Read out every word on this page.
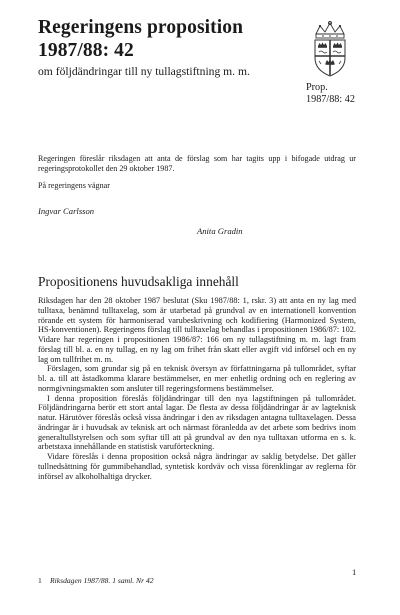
Regeringens proposition
1987/88: 42
om följdändringar till ny tullagstiftning m. m.
Prop.
1987/88: 42
Regeringen föreslår riksdagen att anta de förslag som har tagits upp i bifogade utdrag ur regeringsprotokollet den 29 oktober 1987.
På regeringens vägnar
Ingvar Carlsson
Anita Gradin
Propositionens huvudsakliga innehåll

Riksdagen har den 28 oktober 1987 beslutat (Sku 1987/88: 1, rskr. 3) att anta en ny lag med tulltaxa, benämnd tulltaxelag, som är utarbetad på grundval av en internationell konvention rörande ett system för harmoniserad varubeskrivning och kodifiering (Harmonized System, HS-konventionen). Regeringens förslag till tulltaxelag behandlas i propositionen 1986/87: 102. Vidare har regeringen i propositionen 1986/87: 166 om ny tullagstiftning m. m. lagt fram förslag till bl. a. en ny tullag, en ny lag om frihet från skatt eller avgift vid införsel och en ny lag om tullfrihet m. m.

Förslagen, som grundar sig på en teknisk översyn av författningarna på tullområdet, syftar bl. a. till att åstadkomma klarare bestämmelser, en mer enhetlig ordning och en reglering av normgivningsmakten som ansluter till regeringsformens bestämmelser.

I denna proposition föreslås följdändringar till den nya lagstiftningen på tullområdet. Följdändringarna berör ett stort antal lagar. De flesta av dessa följdändringar är av lagteknisk natur. Härutöver föreslås också vissa ändringar i den av riksdagen antagna tulltaxelagen. Dessa ändringar är i huvudsak av teknisk art och närmast föranledda av det arbete som bedrivs inom generaltullstyrelsen och som syftar till att på grundval av den nya tulltaxan utforma en s. k. arbetstaxa innehållande en statistisk varuförteckning.

Vidare föreslås i denna proposition också några ändringar av saklig betydelse. Det gäller tullnedsättning för gummibehandlad, syntetisk kordväv och vissa förenklingar av reglerna för införsel av alkoholhaltiga drycker.

1 Riksdagen 1987/88. 1 saml. Nr 42
1
